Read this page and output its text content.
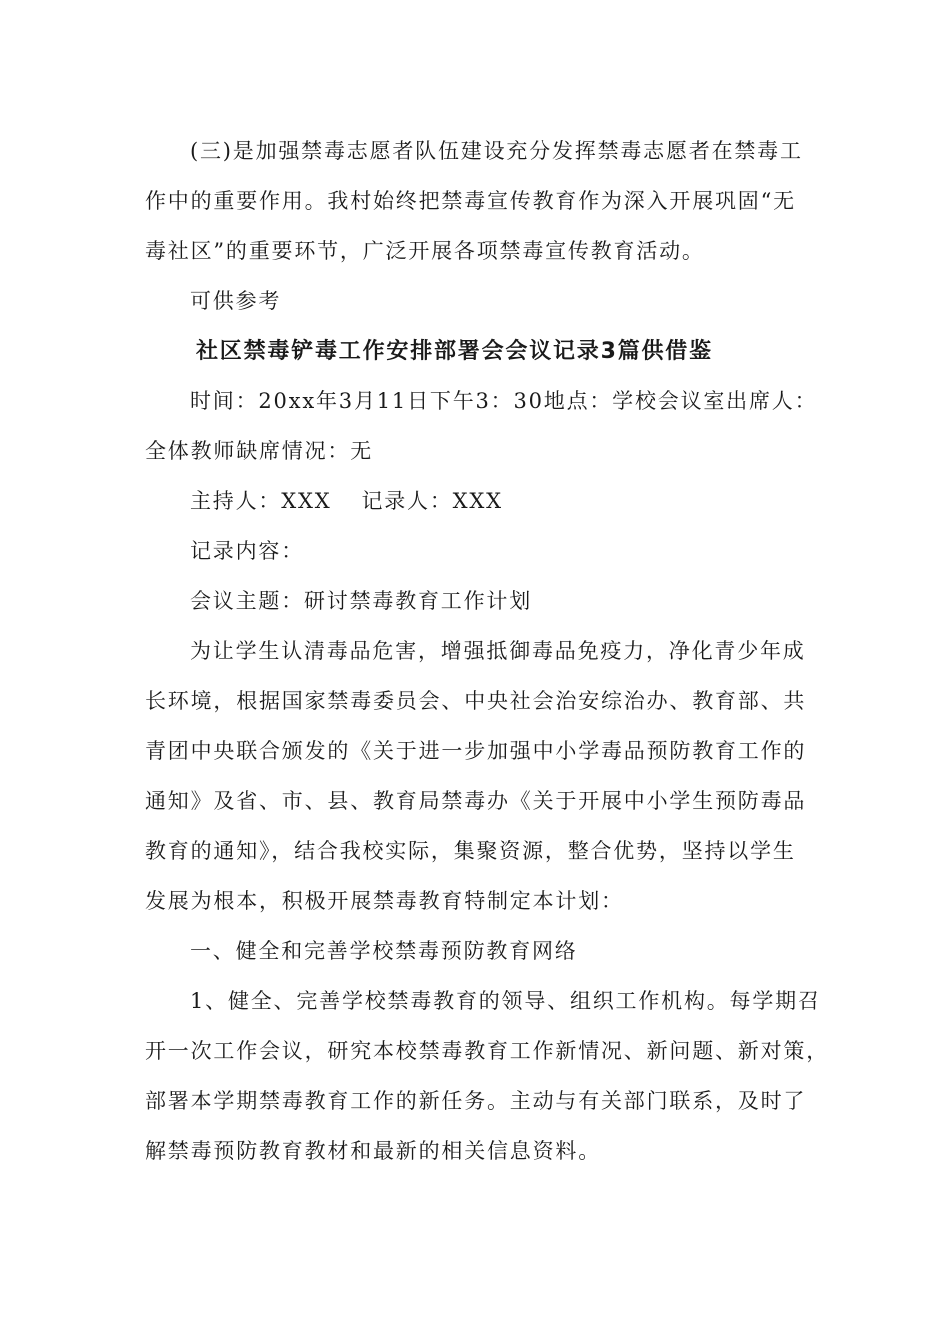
(三)是加强禁毒志愿者队伍建设充分发挥禁毒志愿者在禁毒工
作中的重要作用。我村始终把禁毒宣传教育作为深入开展巩固“无
毒社区”的重要环节，广泛开展各项禁毒宣传教育活动。
可供参考
社区禁毒铲毒工作安排部署会会议记录3篇供借鉴
时间：20xx年3月11日下午3：30地点：学校会议室出席人：
全体教师缺席情况：无
主持人：XXX 记录人：XXX
记录内容：
会议主题：研讨禁毒教育工作计划
为让学生认清毒品危害，增强抵御毒品免疫力，净化青少年成
长环境，根据国家禁毒委员会、中央社会治安综治办、教育部、共
青团中央联合颁发的《关于进一步加强中小学毒品预防教育工作的
通知》及省、市、县、教育局禁毒办《关于开展中小学生预防毒品
教育的通知》，结合我校实际，集聚资源，整合优势，坚持以学生
发展为根本，积极开展禁毒教育特制定本计划：
一、健全和完善学校禁毒预防教育网络
1、健全、完善学校禁毒教育的领导、组织工作机构。每学期召
开一次工作会议，研究本校禁毒教育工作新情况、新问题、新对策，
部署本学期禁毒教育工作的新任务。主动与有关部门联系，及时了
解禁毒预防教育教材和最新的相关信息资料。
